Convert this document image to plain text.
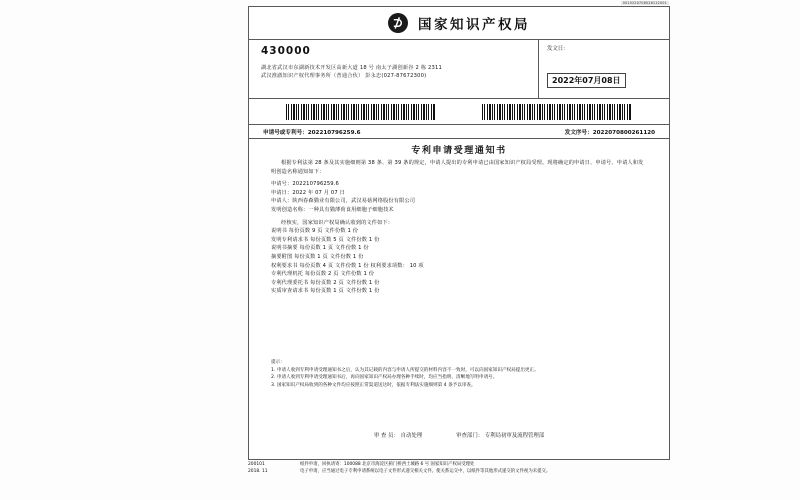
0010220708026112001
⊅	国家知识产权局
430000
湖北省武汉市东湖新技术开发区高新大道 18 号 南太子湖创新谷 2 栋 2311
武汉淮澈知识产权代理事务所（普通合伙） 彭永忠(027-87672300)
发文日：
2022年07月08日
申请号或专利号：202210796259.6	发文序号：2022070800261120
专利申请受理通知书
根据专利法第 28 条及其实施细则第 38 条、第 39 条的规定，申请人提出的专利申请已由国家知识产权局受理。现将确定的申请日、申请号、申请人和发明创造名称通知如下：
申请号：202210796259.6
申请日：2022 年 07 月 07 日
申请人：陕西春森猫业有限公司，武汉易菇网络股份有限公司
发明创造名称：一种具有猫薄荷食用细胞子细胞技术
经核实，国家知识产权局确认收到的文件如下：
说明书 每份页数 9 页 文件份数 1 份
发明专利请求书 每份页数 5 页 文件份数 1 份
说明书摘要 每份页数 1 页 文件份数 1 份
摘要附图 每份页数 1 页 文件份数 1 份
权利要求书 每份页数 4 页 文件份数 1 份 权利要求项数： 10 项
专利代理机托 每份页数 2 页 文件份数 1 份
专利代理委托书 每份页数 2 页 文件份数 1 份
实质审查请求书 每份页数 1 页 文件份数 1 份
提示：
1. 申请人收到专利申请受理通知书之后，认为其记载的内容与申请人所提交的材料内容不一致时，可以向国家知识产权局提出更正。
2. 申请人收到专利申请受理通知书后，再向国家知识产权局办理各种手续时，均应当指明、清晰地写明申请号。
3. 国家知识产权局收到的各种文件均应按照正常渠道送达时，依据专利法实施细则第 4 条予以审查。
审 查 员： 自动处理	审查部门： 专利局初审及流程管理部
200101	纸件申请，回执请寄：100088 北京市海淀区蓟门桥西土城路 6 号 国家知识产权局受理处
2018. 11	电子申请，应当通过电子专利申请系统以电子文件形式递交相关文件。使关系运交中，以纸件等其他形式递交的文件视为未提交。
